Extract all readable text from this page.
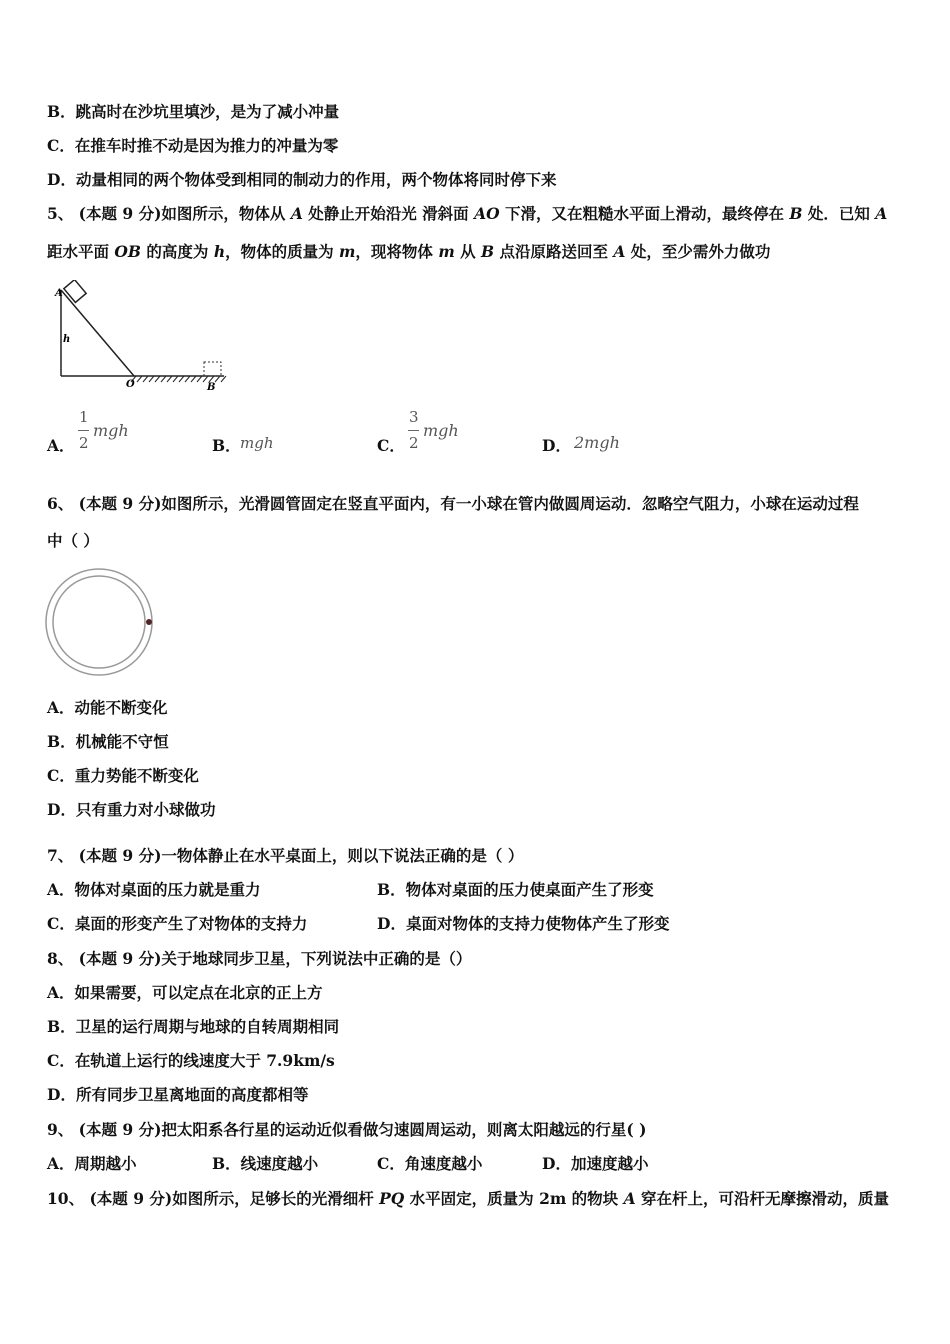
B．跳高时在沙坑里填沙，是为了减小冲量
C．在推车时推不动是因为推力的冲量为零
D．动量相同的两个物体受到相同的制动力的作用，两个物体将同时停下来
5、 (本题 9 分)如图所示，物体从 A 处静止开始沿光 滑斜面 AO 下滑，又在粗糙水平面上滑动，最终停在 B 处．已知 A
距水平面 OB 的高度为 h，物体的质量为 m，现将物体 m 从 B 点沿原路送回至 A 处，至少需外力做功
A
h
O	B
A．
1
2
mgh
B． mgh	C．
3
2
mgh
D． 2mgh
6、 (本题 9 分)如图所示，光滑圆管固定在竖直平面内，有一小球在管内做圆周运动．忽略空气阻力，小球在运动过程
中（ ）
A．动能不断变化
B．机械能不守恒
C．重力势能不断变化
D．只有重力对小球做功
7、 (本题 9 分)一物体静止在水平桌面上，则以下说法正确的是（ ）
A．物体对桌面的压力就是重力	B．物体对桌面的压力使桌面产生了形变
C．桌面的形变产生了对物体的支持力	D．桌面对物体的支持力使物体产生了形变
8、 (本题 9 分)关于地球同步卫星，下列说法中正确的是（）
A．如果需要，可以定点在北京的正上方
B．卫星的运行周期与地球的自转周期相同
C．在轨道上运行的线速度大于 7.9km/s
D．所有同步卫星离地面的高度都相等
9、 (本题 9 分)把太阳系各行星的运动近似看做匀速圆周运动，则离太阳越远的行星( )
A．周期越小	B．线速度越小	C．角速度越小	D．加速度越小
10、 (本题 9 分)如图所示，足够长的光滑细杆 PQ 水平固定，质量为 2m 的物块 A 穿在杆上，可沿杆无摩擦滑动，质量
